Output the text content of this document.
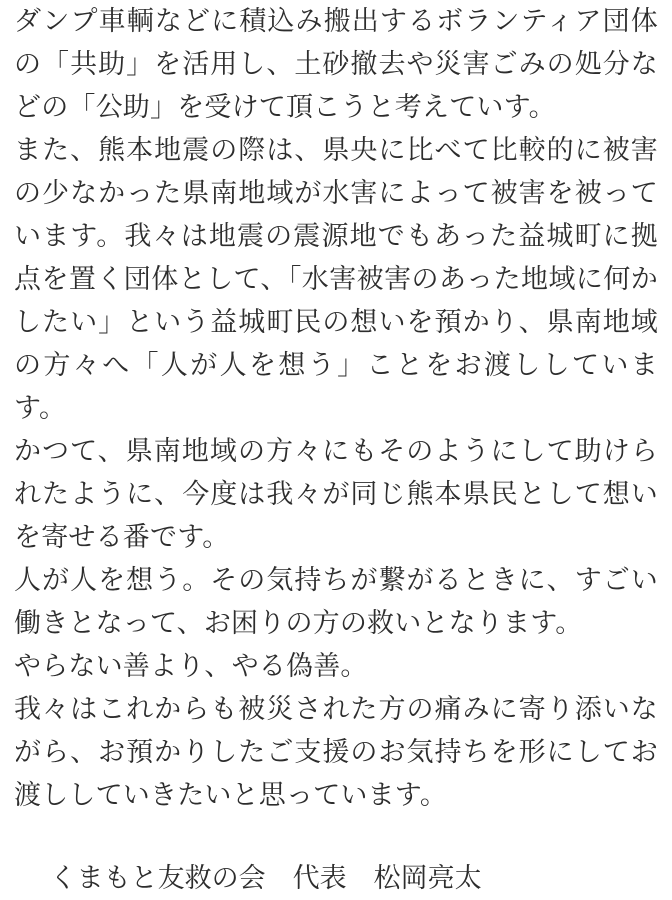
ダンプ車輌などに積込み搬出するボランティア団体の「共助」を活用し、土砂撤去や災害ごみの処分などの「公助」を受けて頂こうと考えていす。

また、熊本地震の際は、県央に比べて比較的に被害の少なかった県南地域が水害によって被害を被っています。我々は地震の震源地でもあった益城町に拠点を置く団体として、「水害被害のあった地域に何かしたい」という益城町民の想いを預かり、県南地域の方々へ「人が人を想う」ことをお渡ししています。

かつて、県南地域の方々にもそのようにして助けられたように、今度は我々が同じ熊本県民として想いを寄せる番です。

人が人を想う。その気持ちが繋がるときに、すごい働きとなって、お困りの方の救いとなります。

やらない善より、やる偽善。

我々はこれからも被災された方の痛みに寄り添いながら、お預かりしたご支援のお気持ちを形にしてお渡ししていきたいと思っています。

　 くまもと友救の会　代表　松岡亮太
